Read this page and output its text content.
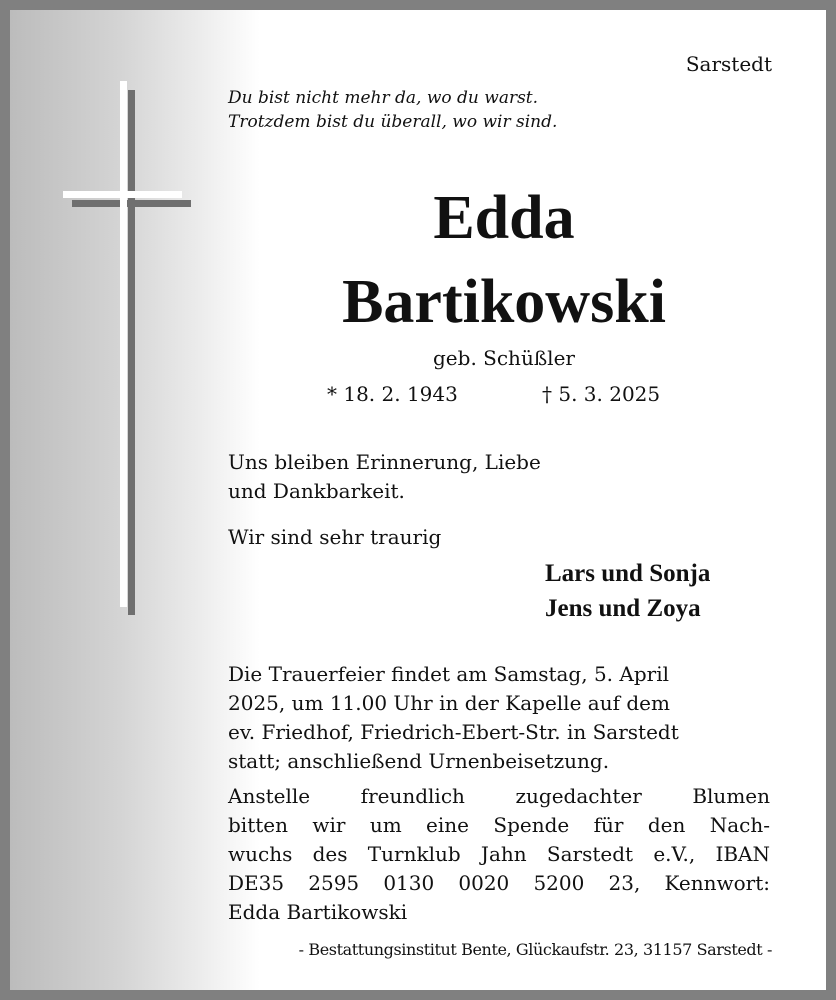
Sarstedt
Du bist nicht mehr da, wo du warst.
Trotzdem bist du überall, wo wir sind.
Edda
Bartikowski
geb. Schüßler
* 18. 2. 1943	† 5. 3. 2025
Uns bleiben Erinnerung, Liebe
und Dankbarkeit.
Wir sind sehr traurig
Lars und Sonja
Jens und Zoya
Die Trauerfeier findet am Samstag, 5. April
2025, um 11.00 Uhr in der Kapelle auf dem
ev. Friedhof, Friedrich-Ebert-Str. in Sarstedt
statt; anschließend Urnenbeisetzung.
Anstelle freundlich zugedachter Blumen
bitten wir um eine Spende für den Nach-
wuchs des Turnklub Jahn Sarstedt e.V., IBAN
DE35 2595 0130 0020 5200 23, Kennwort:
Edda Bartikowski
- Bestattungsinstitut Bente, Glückaufstr. 23, 31157 Sarstedt -
